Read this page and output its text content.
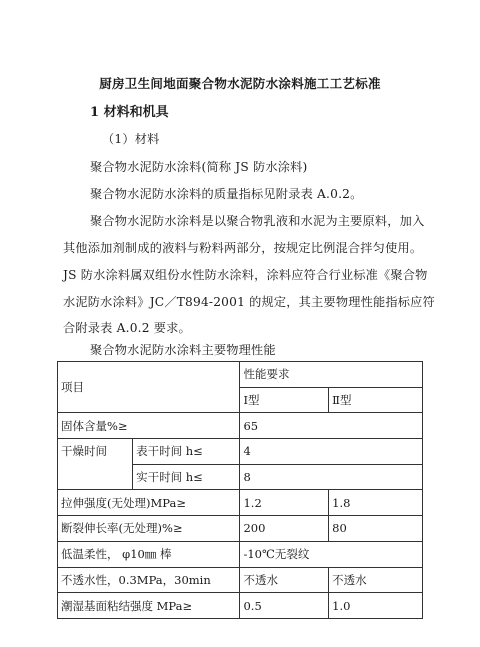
厨房卫生间地面聚合物水泥防水涂料施工工艺标准
1 材料和机具
（1）材料
聚合物水泥防水涂料(简称 JS 防水涂料)
聚合物水泥防水涂料的质量指标见附录表 A.0.2。
聚合物水泥防水涂料是以聚合物乳液和水泥为主要原料，加入
其他添加剂制成的液料与粉料两部分，按规定比例混合拌匀使用。
JS 防水涂料属双组份水性防水涂料，涂料应符合行业标准《聚合物
水泥防水涂料》JC／T894-2001 的规定，其主要物理性能指标应符
合附录表 A.0.2 要求。
聚合物水泥防水涂料主要物理性能
项目		性能要求	
		Ⅰ型	Ⅱ型
固体含量%≥		65	
干燥时间	表干时间 h≤	4	
	实干时间 h≤	8	
拉伸强度(无处理)MPa≥		1.2	1.8
断裂伸长率(无处理)%≥		200	80
低温柔性， φ10㎜ 棒		-10℃无裂纹	
不透水性，0.3MPa，30min		不透水	不透水
潮湿基面粘结强度 MPa≥		0.5	1.0
